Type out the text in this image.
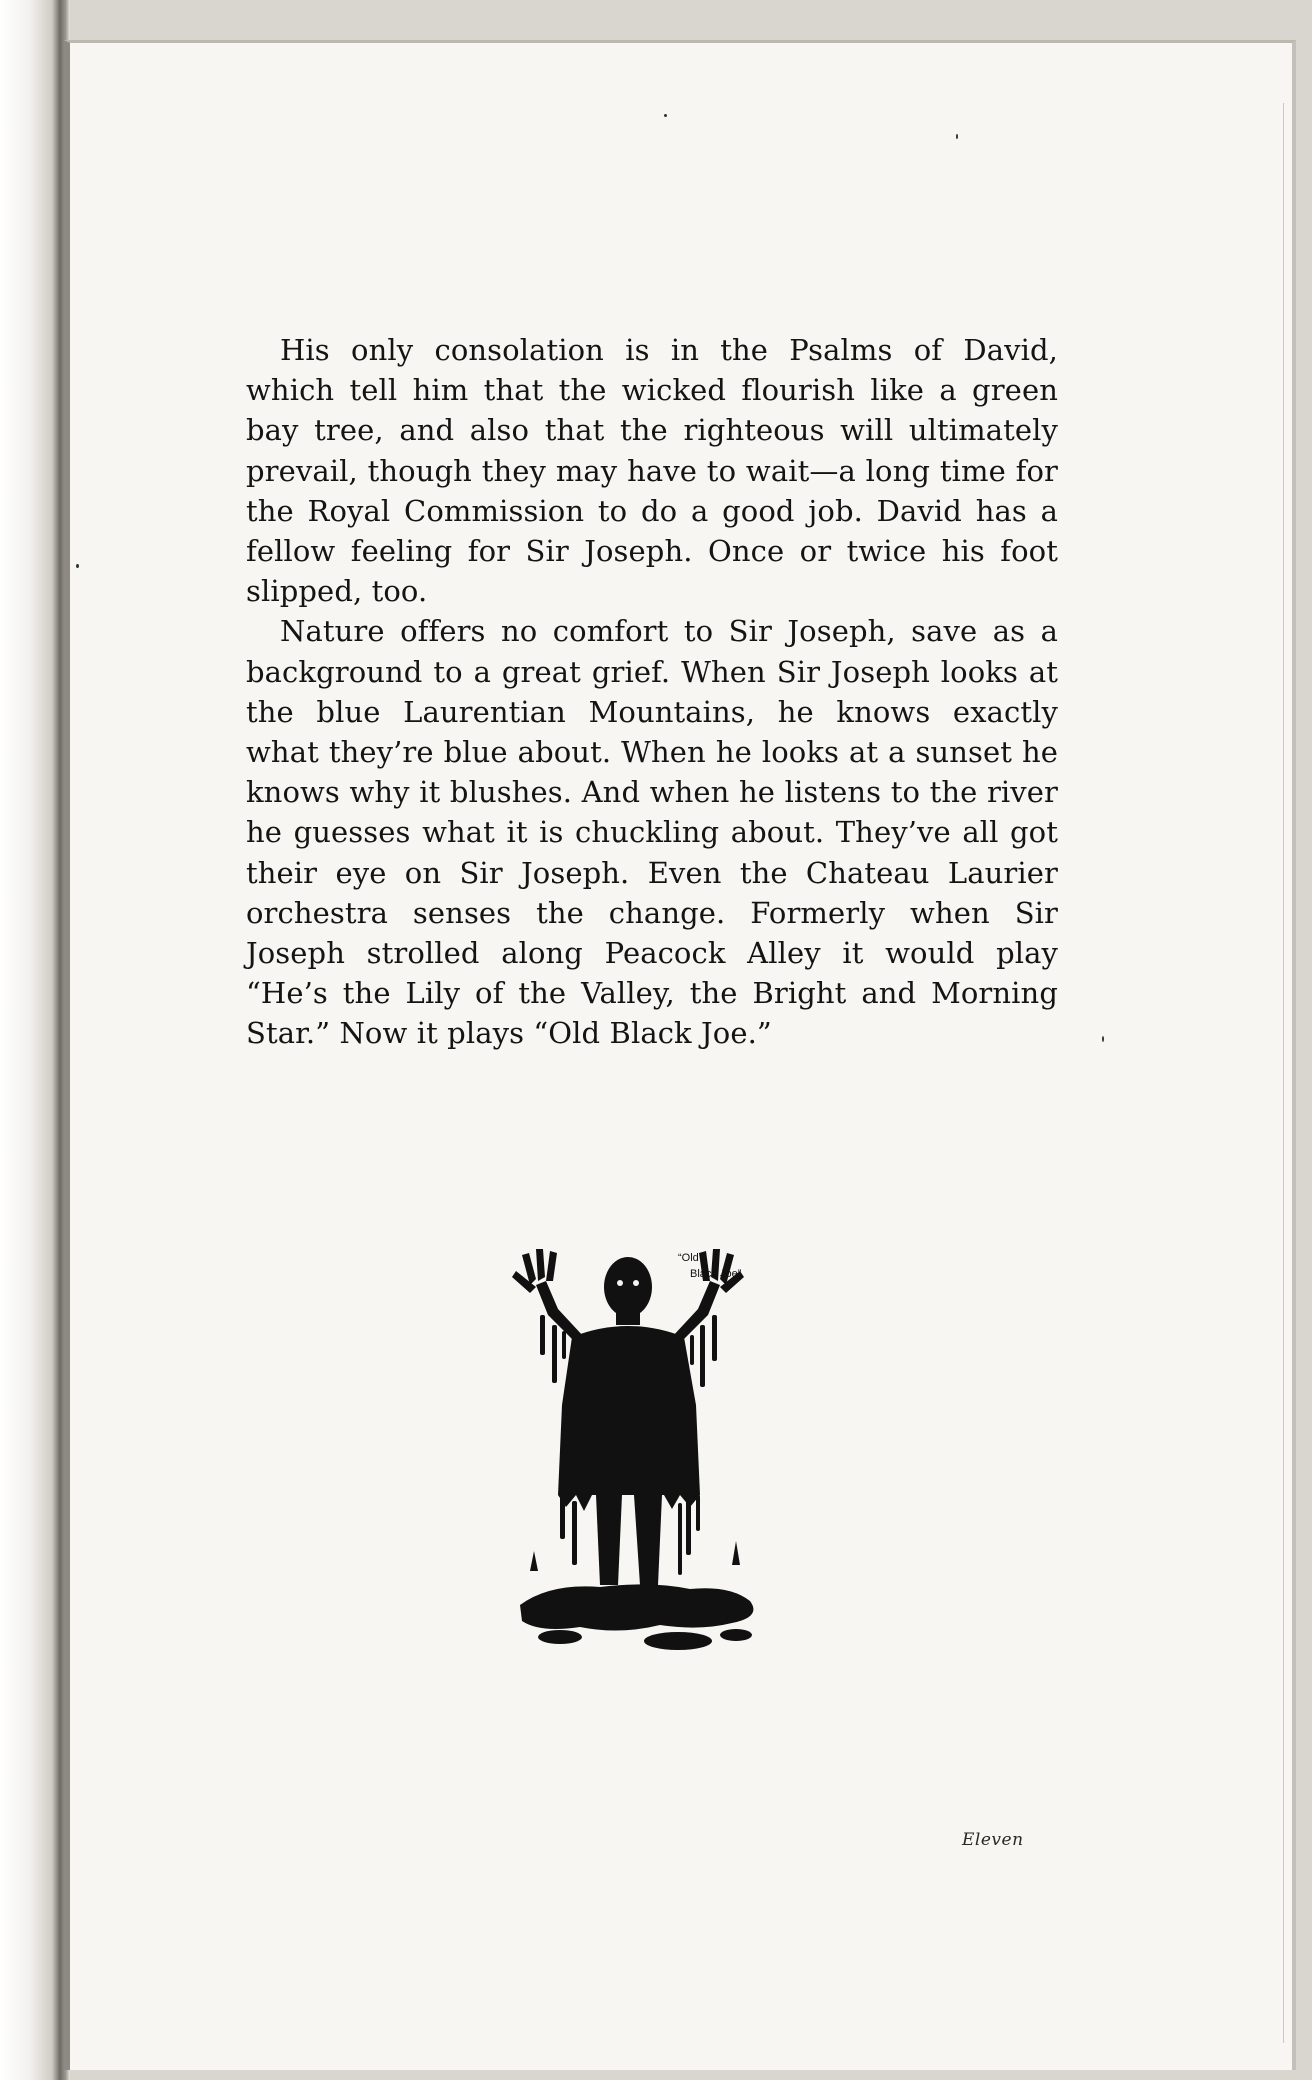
His only consolation is in the Psalms of David, which tell him that the wicked flourish like a green bay tree, and also that the righteous will ultimately prevail, though they may have to wait—a long time for the Royal Commission to do a good job. David has a fellow feeling for Sir Joseph. Once or twice his foot slipped, too.

Nature offers no comfort to Sir Joseph, save as a background to a great grief. When Sir Joseph looks at the blue Laurentian Mountains, he knows exactly what they’re blue about. When he looks at a sunset he knows why it blushes. And when he listens to the river he guesses what it is chuckling about. They’ve all got their eye on Sir Joseph. Even the Chateau Laurier orchestra senses the change. Formerly when Sir Joseph strolled along Peacock Alley it would play “He’s the Lily of the Valley, the Bright and Morning Star.” Now it plays “Old Black Joe.”

“Old
Black Joe”
Eleven
